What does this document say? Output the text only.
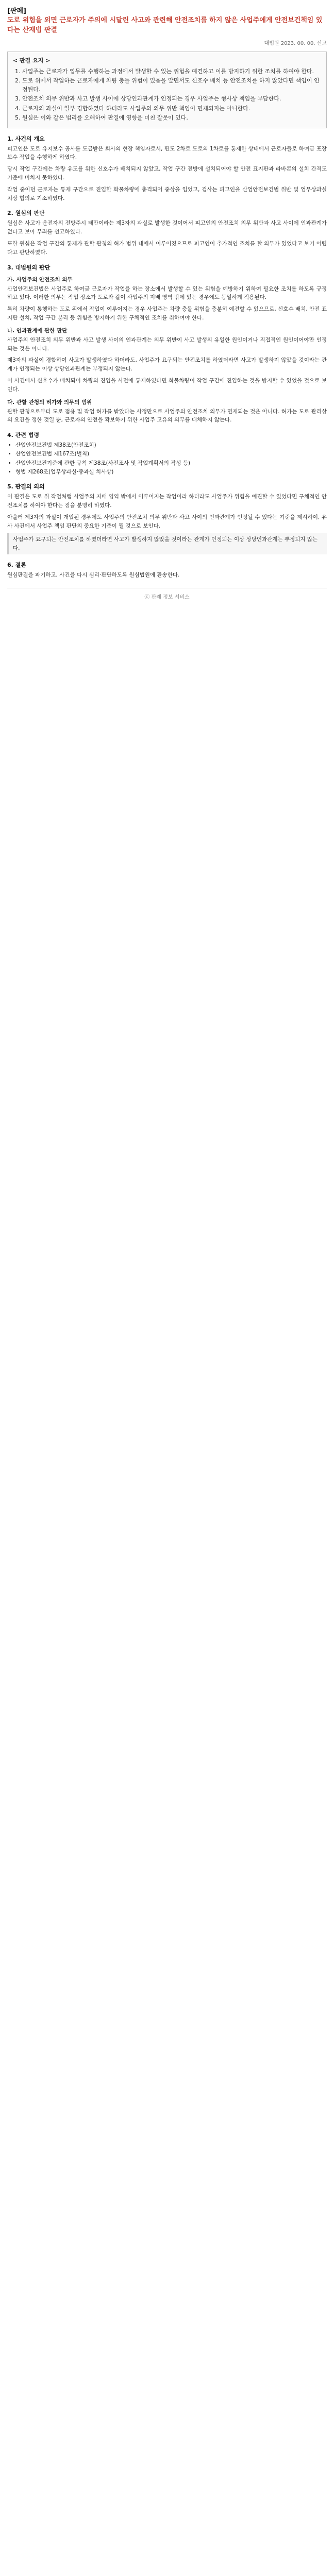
[판례]
도로 위험을 외면 근로자가 주의에 시달린 사고와 관련해 안전조치를 하지 않은 사업주에게 안전보건책임 있다는 산재법 판결
대법원 2023. 00. 00. 선고
< 판결 요지 >
1. 사업주는 근로자가 업무를 수행하는 과정에서 발생할 수 있는 위험을 예견하고 이를 방지하기 위한 조치를 하여야 한다.
2. 도로 위에서 작업하는 근로자에게 차량 충돌 위험이 있음을 알면서도 신호수 배치 등 안전조치를 하지 않았다면 책임이 인정된다.
3. 안전조치 의무 위반과 사고 발생 사이에 상당인과관계가 인정되는 경우 사업주는 형사상 책임을 부담한다.
4. 근로자의 과실이 일부 경합하였다 하더라도 사업주의 의무 위반 책임이 면제되지는 아니한다.
5. 원심은 이와 같은 법리를 오해하여 판결에 영향을 미친 잘못이 있다.
1. 사건의 개요

피고인은 도로 유지보수 공사를 도급받은 회사의 현장 책임자로서, 편도 2차로 도로의 1차로를 통제한 상태에서 근로자들로 하여금 포장 보수 작업을 수행하게 하였다.

당시 작업 구간에는 차량 유도를 위한 신호수가 배치되지 않았고, 작업 구간 전방에 설치되어야 할 안전 표지판과 라바콘의 설치 간격도 기준에 미치지 못하였다.

작업 중이던 근로자는 통제 구간으로 진입한 화물차량에 충격되어 중상을 입었고, 검사는 피고인을 산업안전보건법 위반 및 업무상과실치상 혐의로 기소하였다.

2. 원심의 판단

원심은 사고가 운전자의 전방주시 태만이라는 제3자의 과실로 발생한 것이어서 피고인의 안전조치 의무 위반과 사고 사이에 인과관계가 없다고 보아 무죄를 선고하였다.

또한 원심은 작업 구간의 통제가 관할 관청의 허가 범위 내에서 이루어졌으므로 피고인이 추가적인 조치를 할 의무가 있었다고 보기 어렵다고 판단하였다.

3. 대법원의 판단
가. 사업주의 안전조치 의무

산업안전보건법은 사업주로 하여금 근로자가 작업을 하는 장소에서 발생할 수 있는 위험을 예방하기 위하여 필요한 조치를 하도록 규정하고 있다. 이러한 의무는 작업 장소가 도로와 같이 사업주의 지배 영역 밖에 있는 경우에도 동일하게 적용된다.

특히 차량이 통행하는 도로 위에서 작업이 이루어지는 경우 사업주는 차량 충돌 위험을 충분히 예견할 수 있으므로, 신호수 배치, 안전 표지판 설치, 작업 구간 분리 등 위험을 방지하기 위한 구체적인 조치를 취하여야 한다.

나. 인과관계에 관한 판단

사업주의 안전조치 의무 위반과 사고 발생 사이의 인과관계는 의무 위반이 사고 발생의 유일한 원인이거나 직접적인 원인이어야만 인정되는 것은 아니다.

제3자의 과실이 경합하여 사고가 발생하였다 하더라도, 사업주가 요구되는 안전조치를 하였더라면 사고가 발생하지 않았을 것이라는 관계가 인정되는 이상 상당인과관계는 부정되지 않는다.

이 사건에서 신호수가 배치되어 차량의 진입을 사전에 통제하였다면 화물차량이 작업 구간에 진입하는 것을 방지할 수 있었을 것으로 보인다.

다. 관할 관청의 허가와 의무의 범위

관할 관청으로부터 도로 점용 및 작업 허가를 받았다는 사정만으로 사업주의 안전조치 의무가 면제되는 것은 아니다. 허가는 도로 관리상의 요건을 정한 것일 뿐, 근로자의 안전을 확보하기 위한 사업주 고유의 의무를 대체하지 않는다.

4. 관련 법령
• 산업안전보건법 제38조(안전조치)
• 산업안전보건법 제167조(벌칙)
• 산업안전보건기준에 관한 규칙 제38조(사전조사 및 작업계획서의 작성 등)
• 형법 제268조(업무상과실·중과실 치사상)
5. 판결의 의의

이 판결은 도로 위 작업처럼 사업주의 지배 영역 밖에서 이루어지는 작업이라 하더라도 사업주가 위험을 예견할 수 있었다면 구체적인 안전조치를 하여야 한다는 점을 분명히 하였다.

아울러 제3자의 과실이 개입된 경우에도 사업주의 안전조치 의무 위반과 사고 사이의 인과관계가 인정될 수 있다는 기준을 제시하여, 유사 사건에서 사업주 책임 판단의 중요한 기준이 될 것으로 보인다.

사업주가 요구되는 안전조치를 하였더라면 사고가 발생하지 않았을 것이라는 관계가 인정되는 이상 상당인과관계는 부정되지 않는다.
6. 결론

원심판결을 파기하고, 사건을 다시 심리·판단하도록 원심법원에 환송한다.

ⓒ 판례 정보 서비스
